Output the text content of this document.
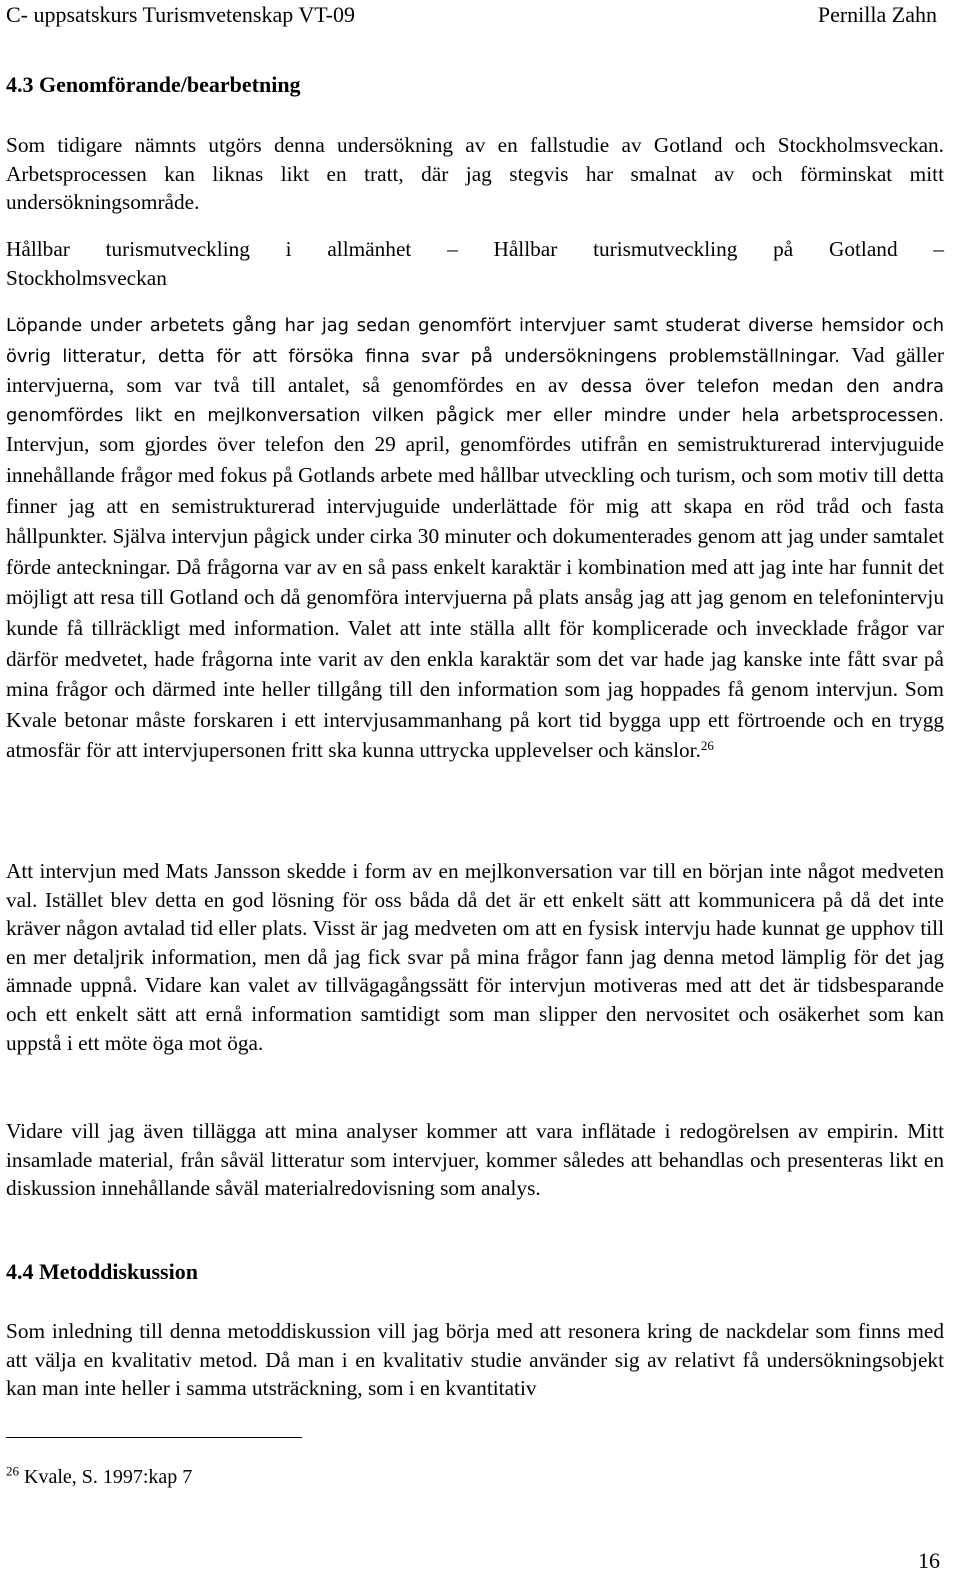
C- uppsatskurs Turismvetenskap VT-09	Pernilla Zahn
4.3 Genomförande/bearbetning

Som tidigare nämnts utgörs denna undersökning av en fallstudie av Gotland och Stockholmsveckan. Arbetsprocessen kan liknas likt en tratt, där jag stegvis har smalnat av och förminskat mitt undersökningsområde.

Hållbar turismutveckling i allmänhet – Hållbar turismutveckling på Gotland –
Stockholmsveckan

Löpande under arbetets gång har jag sedan genomfört intervjuer samt studerat diverse hemsidor och övrig litteratur, detta för att försöka finna svar på undersökningens problemställningar. Vad gäller intervjuerna, som var två till antalet, så genomfördes en av dessa över telefon medan den andra genomfördes likt en mejlkonversation vilken pågick mer eller mindre under hela arbetsprocessen. Intervjun, som gjordes över telefon den 29 april, genomfördes utifrån en semistrukturerad intervjuguide innehållande frågor med fokus på Gotlands arbete med hållbar utveckling och turism, och som motiv till detta finner jag att en semistrukturerad intervjuguide underlättade för mig att skapa en röd tråd och fasta hållpunkter. Själva intervjun pågick under cirka 30 minuter och dokumenterades genom att jag under samtalet förde anteckningar. Då frågorna var av en så pass enkelt karaktär i kombination med att jag inte har funnit det möjligt att resa till Gotland och då genomföra intervjuerna på plats ansåg jag att jag genom en telefonintervju kunde få tillräckligt med information. Valet att inte ställa allt för komplicerade och invecklade frågor var därför medvetet, hade frågorna inte varit av den enkla karaktär som det var hade jag kanske inte fått svar på mina frågor och därmed inte heller tillgång till den information som jag hoppades få genom intervjun. Som Kvale betonar måste forskaren i ett intervjusammanhang på kort tid bygga upp ett förtroende och en trygg atmosfär för att intervjupersonen fritt ska kunna uttrycka upplevelser och känslor.$^{26}$

Att intervjun med Mats Jansson skedde i form av en mejlkonversation var till en början inte något medveten val. Istället blev detta en god lösning för oss båda då det är ett enkelt sätt att kommunicera på då det inte kräver någon avtalad tid eller plats. Visst är jag medveten om att en fysisk intervju hade kunnat ge upphov till en mer detaljrik information, men då jag fick svar på mina frågor fann jag denna metod lämplig för det jag ämnade uppnå. Vidare kan valet av tillvägagångssätt för intervjun motiveras med att det är tidsbesparande och ett enkelt sätt att ernå information samtidigt som man slipper den nervositet och osäkerhet som kan uppstå i ett möte öga mot öga.

Vidare vill jag även tillägga att mina analyser kommer att vara inflätade i redogörelsen av empirin. Mitt insamlade material, från såväl litteratur som intervjuer, kommer således att behandlas och presenteras likt en diskussion innehållande såväl materialredovisning som analys.

4.4 Metoddiskussion

Som inledning till denna metoddiskussion vill jag börja med att resonera kring de nackdelar som finns med att välja en kvalitativ metod. Då man i en kvalitativ studie använder sig av relativt få undersökningsobjekt kan man inte heller i samma utsträckning, som i en kvantitativ

$^{26}$ Kvale, S. 1997:kap 7
16
